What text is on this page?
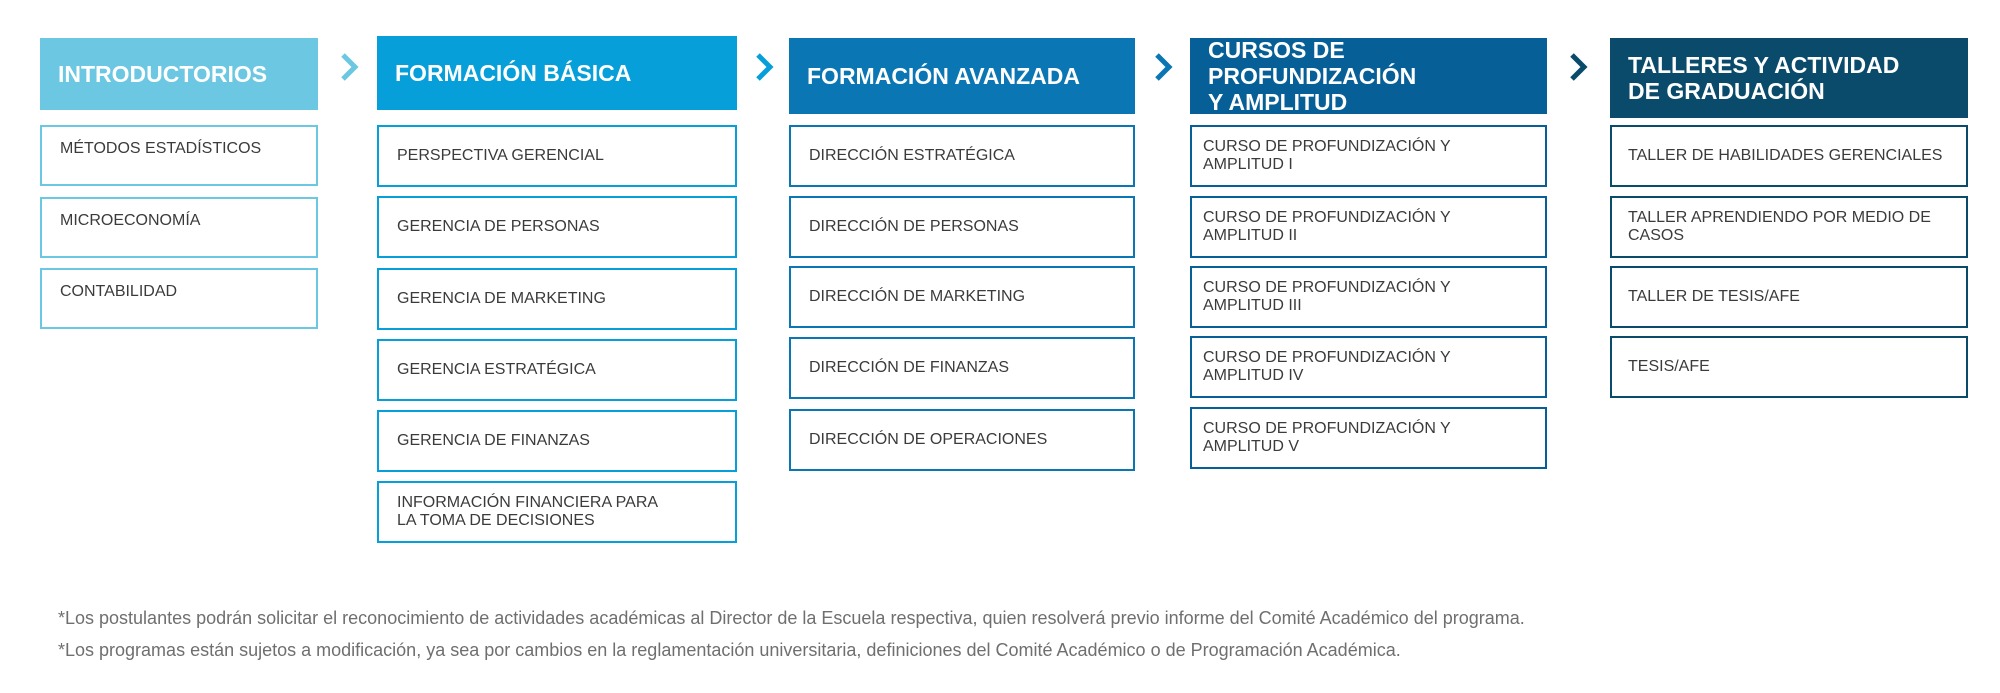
INTRODUCTORIOS
MÉTODOS ESTADÍSTICOS
MICROECONOMÍA
CONTABILIDAD
FORMACIÓN BÁSICA
PERSPECTIVA GERENCIAL
GERENCIA DE PERSONAS
GERENCIA DE MARKETING
GERENCIA ESTRATÉGICA
GERENCIA DE FINANZAS
INFORMACIÓN FINANCIERA PARA
LA TOMA DE DECISIONES
FORMACIÓN AVANZADA
DIRECCIÓN ESTRATÉGICA
DIRECCIÓN DE PERSONAS
DIRECCIÓN DE MARKETING
DIRECCIÓN DE FINANZAS
DIRECCIÓN DE OPERACIONES
CURSOS DE PROFUNDIZACIÓN
Y AMPLITUD
CURSO DE PROFUNDIZACIÓN Y AMPLITUD I
CURSO DE PROFUNDIZACIÓN Y AMPLITUD II
CURSO DE PROFUNDIZACIÓN Y AMPLITUD III
CURSO DE PROFUNDIZACIÓN Y AMPLITUD IV
CURSO DE PROFUNDIZACIÓN Y AMPLITUD V
TALLERES Y ACTIVIDAD
DE GRADUACIÓN
TALLER DE HABILIDADES GERENCIALES
TALLER APRENDIENDO POR MEDIO DE CASOS
TALLER DE TESIS/AFE
TESIS/AFE
*Los postulantes podrán solicitar el reconocimiento de actividades académicas al Director de la Escuela respectiva, quien resolverá previo informe del Comité Académico del programa.
*Los programas están sujetos a modificación, ya sea por cambios en la reglamentación universitaria, definiciones del Comité Académico o de Programación Académica.
